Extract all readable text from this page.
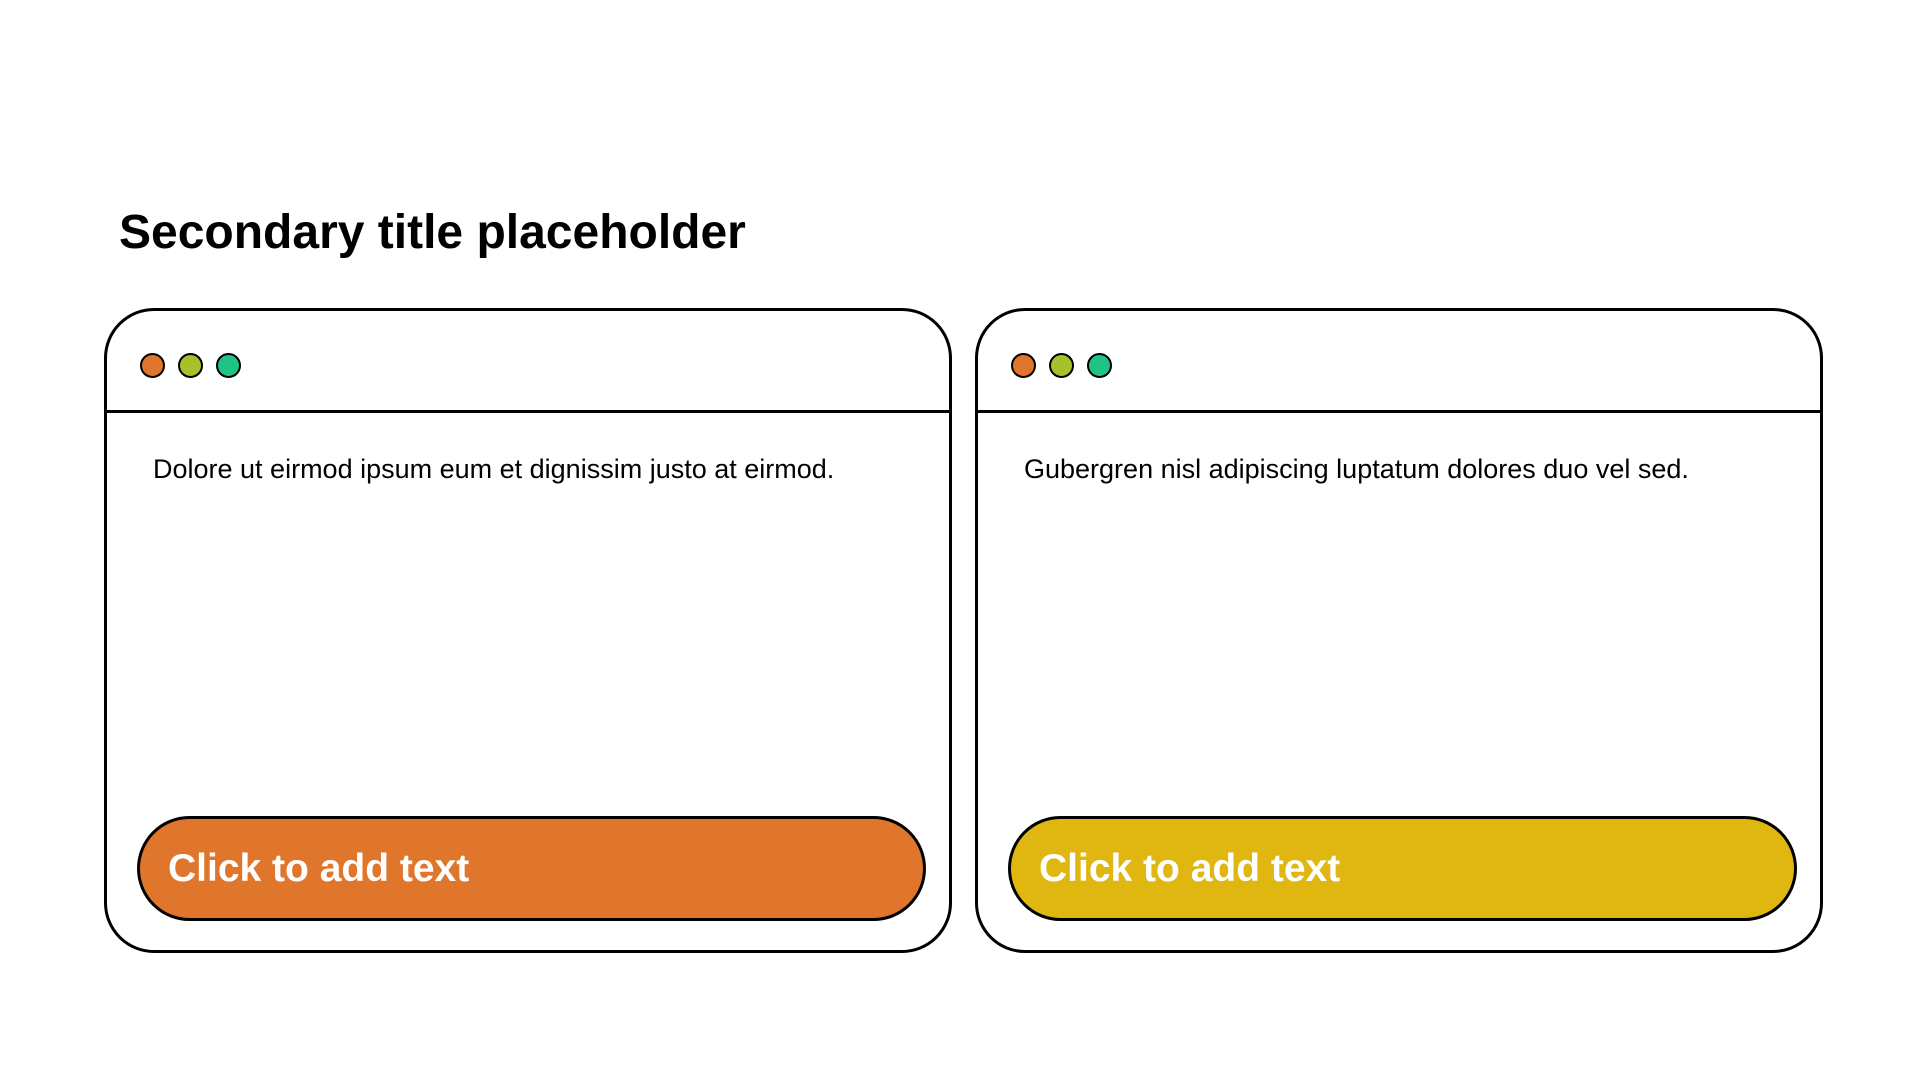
Secondary title placeholder
Dolore ut eirmod ipsum eum et dignissim justo at eirmod.
Click to add text
Gubergren nisl adipiscing luptatum dolores duo vel sed.
Click to add text
